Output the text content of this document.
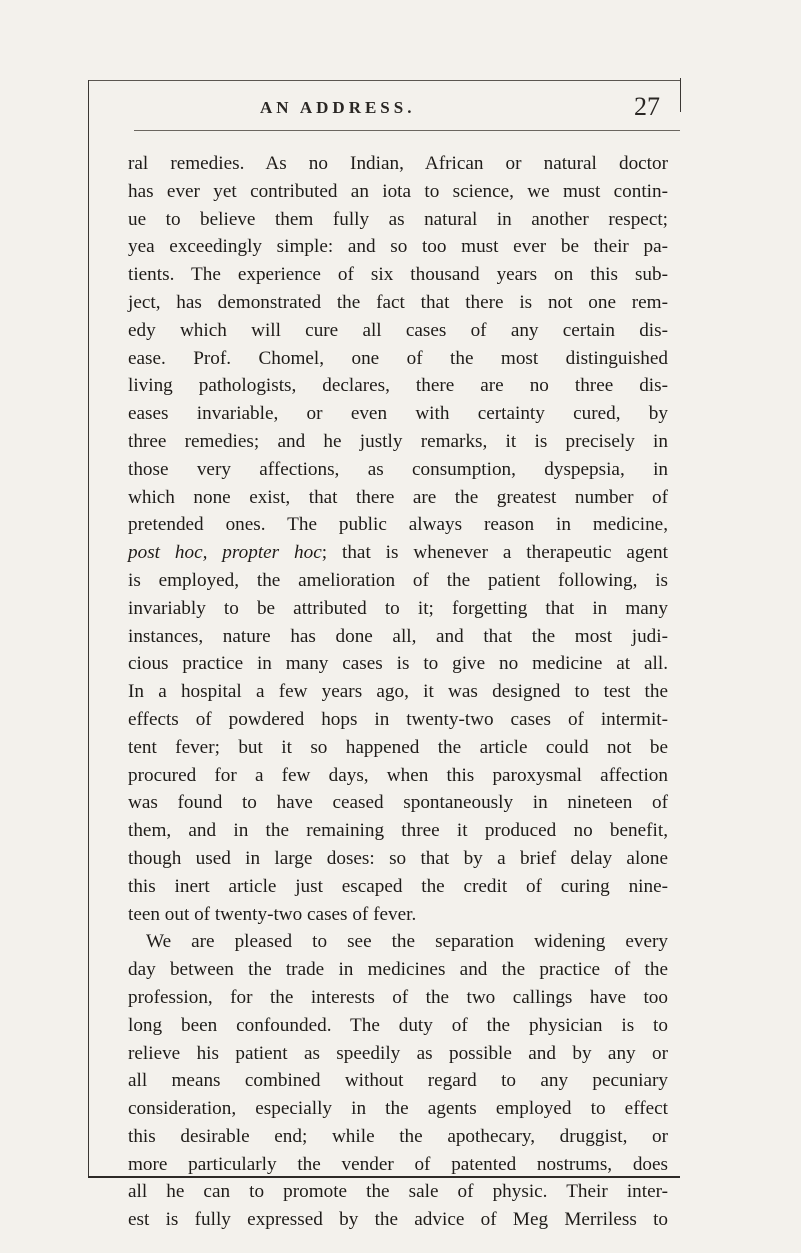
AN ADDRESS.	27
ral remedies. As no Indian, African or natural doctor
has ever yet contributed an iota to science, we must contin-
ue to believe them fully as natural in another respect;
yea exceedingly simple: and so too must ever be their pa-
tients. The experience of six thousand years on this sub-
ject, has demonstrated the fact that there is not one rem-
edy which will cure all cases of any certain dis-
ease. Prof. Chomel, one of the most distinguished
living pathologists, declares, there are no three dis-
eases invariable, or even with certainty cured, by
three remedies; and he justly remarks, it is precisely in
those very affections, as consumption, dyspepsia, in
which none exist, that there are the greatest number of
pretended ones. The public always reason in medicine,
post hoc, propter hoc; that is whenever a therapeutic agent
is employed, the amelioration of the patient following, is
invariably to be attributed to it; forgetting that in many
instances, nature has done all, and that the most judi-
cious practice in many cases is to give no medicine at all.
In a hospital a few years ago, it was designed to test the
effects of powdered hops in twenty-two cases of intermit-
tent fever; but it so happened the article could not be
procured for a few days, when this paroxysmal affection
was found to have ceased spontaneously in nineteen of
them, and in the remaining three it produced no benefit,
though used in large doses: so that by a brief delay alone
this inert article just escaped the credit of curing nine-
teen out of twenty-two cases of fever.
We are pleased to see the separation widening every
day between the trade in medicines and the practice of the
profession, for the interests of the two callings have too
long been confounded. The duty of the physician is to
relieve his patient as speedily as possible and by any or
all means combined without regard to any pecuniary
consideration, especially in the agents employed to effect
this desirable end; while the apothecary, druggist, or
more particularly the vender of patented nostrums, does
all he can to promote the sale of physic. Their inter-
est is fully expressed by the advice of Meg Merriless to
